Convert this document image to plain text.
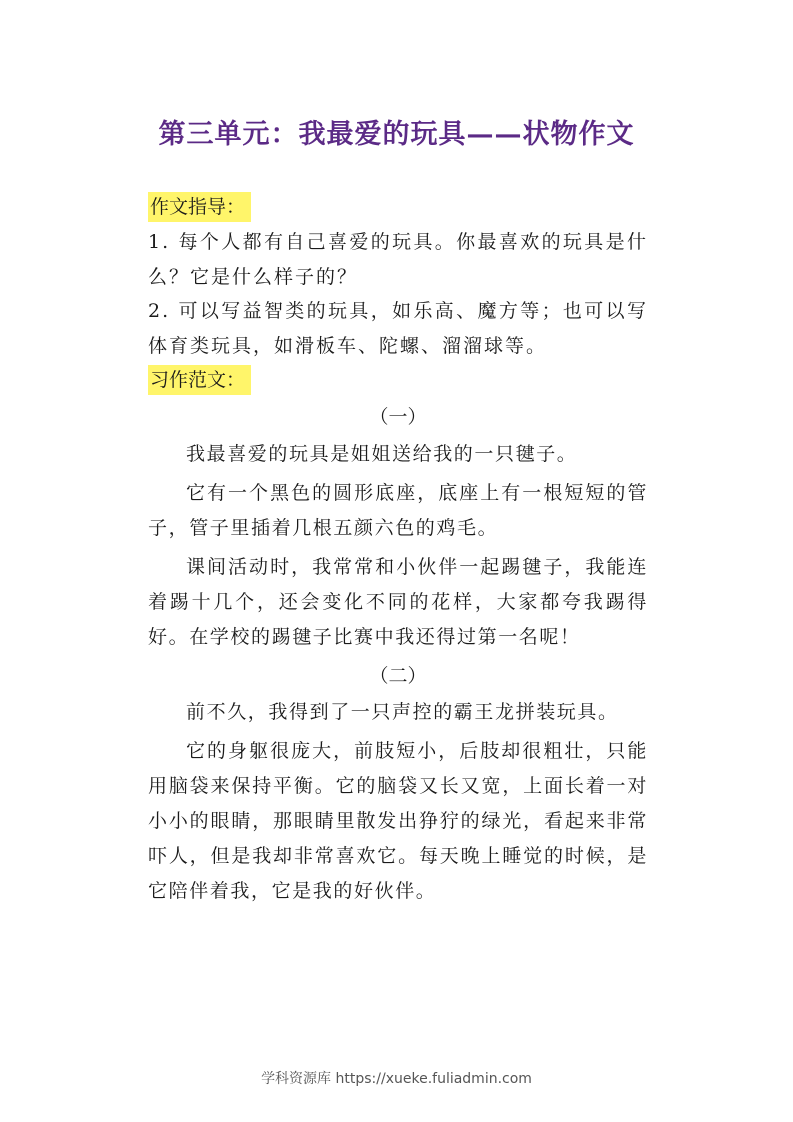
第三单元：我最爱的玩具——状物作文
作文指导：

1. 每个人都有自己喜爱的玩具。你最喜欢的玩具是什么？它是什么样子的？

2. 可以写益智类的玩具，如乐高、魔方等；也可以写体育类玩具，如滑板车、陀螺、溜溜球等。

习作范文：
（一）

我最喜爱的玩具是姐姐送给我的一只毽子。

它有一个黑色的圆形底座，底座上有一根短短的管子，管子里插着几根五颜六色的鸡毛。

课间活动时，我常常和小伙伴一起踢毽子，我能连着踢十几个，还会变化不同的花样，大家都夸我踢得好。在学校的踢毽子比赛中我还得过第一名呢！

（二）

前不久，我得到了一只声控的霸王龙拼装玩具。

它的身躯很庞大，前肢短小，后肢却很粗壮，只能用脑袋来保持平衡。它的脑袋又长又宽，上面长着一对小小的眼睛，那眼睛里散发出狰狞的绿光，看起来非常吓人，但是我却非常喜欢它。每天晚上睡觉的时候，是它陪伴着我，它是我的好伙伴。

学科资源库 https://xueke.fuliadmin.com
